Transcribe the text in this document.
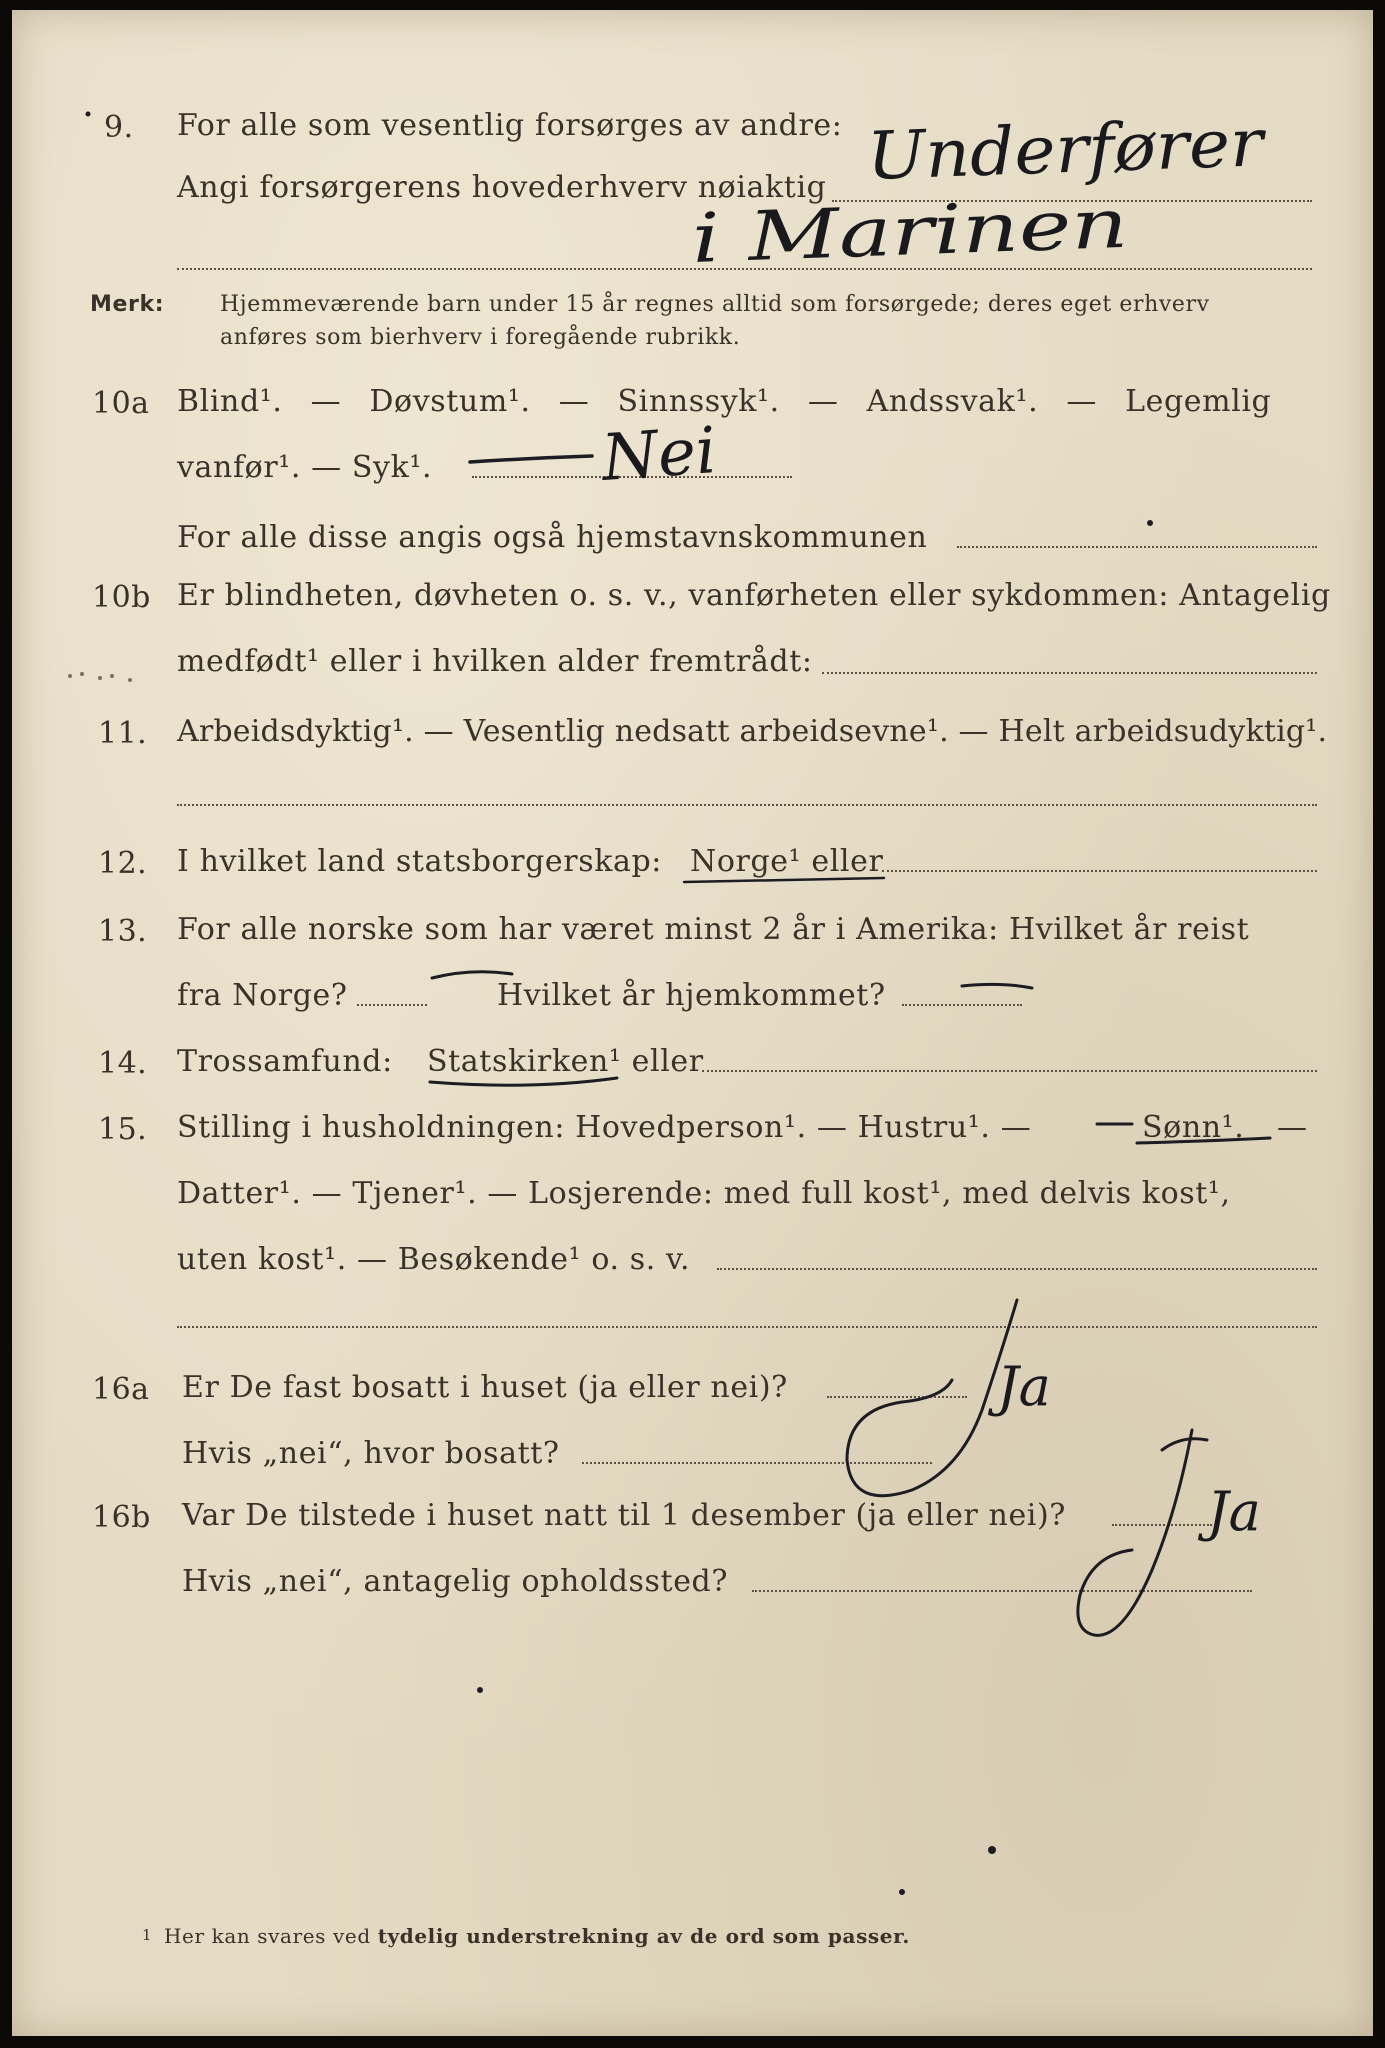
9. For alle som vesentlig forsørges av andre:
Angi forsørgerens hovederhverv nøiaktig Underfører
i Marinen
Merk:	Hjemmeværende barn under 15 år regnes alltid som forsørgede; deres eget erhverv
anføres som bierhverv i foregående rubrikk.
10a Blind¹. — Døvstum¹. — Sinnssyk¹. — Andssvak¹. — Legemlig
vanfør¹. — Syk¹.	Nei
For alle disse angis også hjemstavnskommunen
10b Er blindheten, døvheten o. s. v., vanførheten eller sykdommen: Antagelig
medfødt¹ eller i hvilken alder fremtrådt:
11. Arbeidsdyktig¹. — Vesentlig nedsatt arbeidsevne¹. — Helt arbeidsudyktig¹.
12. I hvilket land statsborgerskap: Norge¹ eller
13. For alle norske som har været minst 2 år i Amerika: Hvilket år reist
fra Norge?	Hvilket år hjemkommet?
14. Trossamfund: Statskirken¹ eller
15. Stilling i husholdningen: Hovedperson¹. — Hustru¹. —	Sønn¹. —
Datter¹. — Tjener¹. — Losjerende: med full kost¹, med delvis kost¹,
uten kost¹. — Besøkende¹ o. s. v.
16a Er De fast bosatt i huset (ja eller nei)?
Hvis „nei“, hvor bosatt?
Ja
16b Var De tilstede i huset natt til 1 desember (ja eller nei)?
Hvis „nei“, antagelig opholdssted?
Ja
1 Her kan svares ved tydelig understrekning av de ord som passer.
